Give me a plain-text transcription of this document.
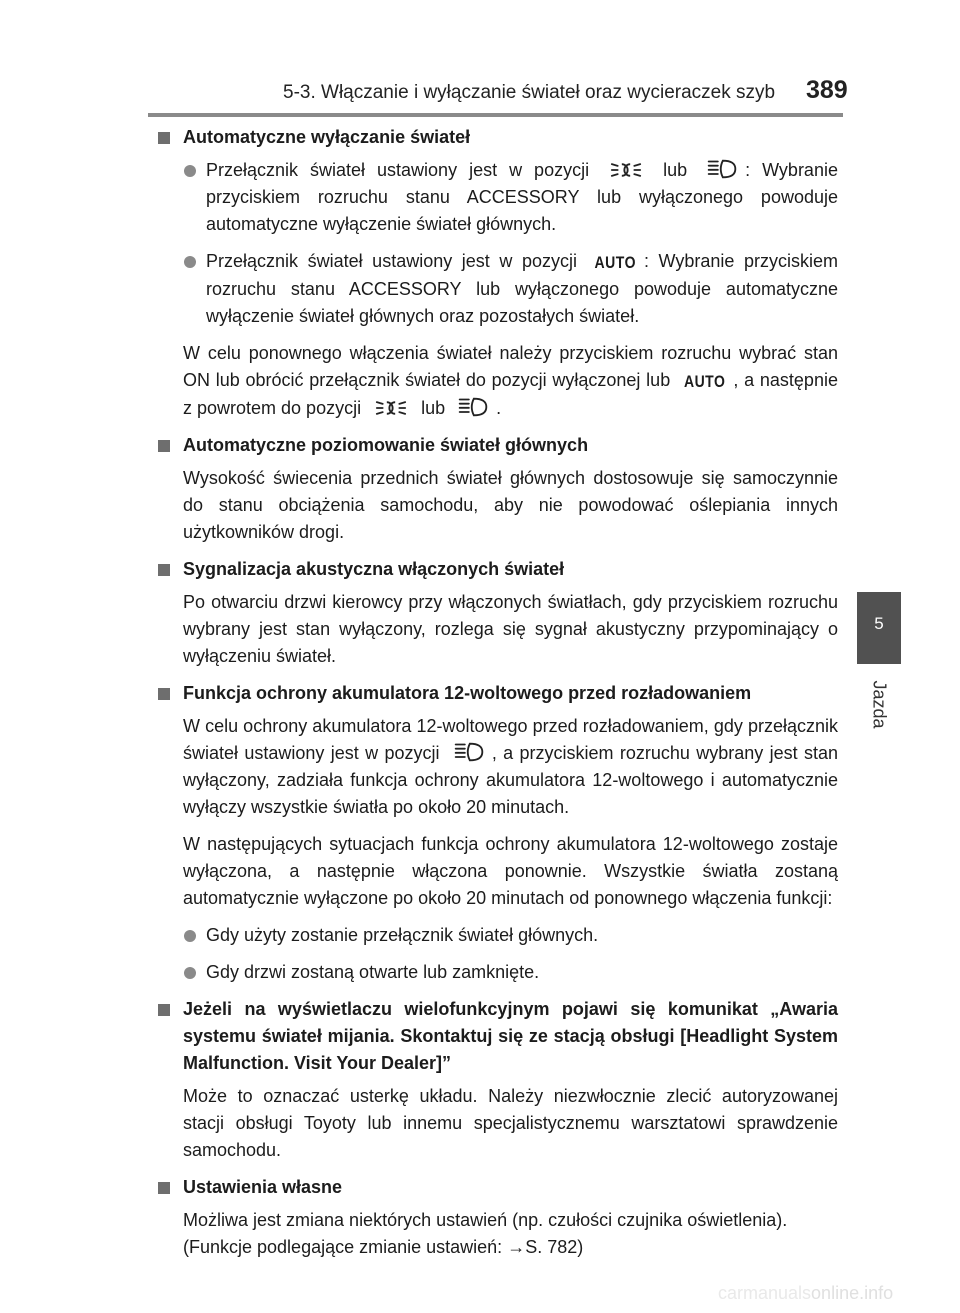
5-3. Włączanie i wyłączanie świateł oraz wycieraczek szyb 389
5
Jazda
Automatyczne wyłączanie świateł
Przełącznik świateł ustawiony jest w pozycji	lub	: Wybranie przyciskiem rozruchu stanu ACCESSORY lub wyłączonego powoduje automatyczne wyłączenie świateł głównych.
Przełącznik świateł ustawiony jest w pozycji AUTO : Wybranie przyciskiem rozruchu stanu ACCESSORY lub wyłączonego powoduje automatyczne wyłączenie świateł głównych oraz pozostałych świateł.
W celu ponownego włączenia świateł należy przyciskiem rozruchu wybrać stan ON lub obrócić przełącznik świateł do pozycji wyłączonej lub AUTO , a następnie z powrotem do pozycji	lub	.
Automatyczne poziomowanie świateł głównych
Wysokość świecenia przednich świateł głównych dostosowuje się samoczynnie do stanu obciążenia samochodu, aby nie powodować oślepiania innych użytkowników drogi.
Sygnalizacja akustyczna włączonych świateł
Po otwarciu drzwi kierowcy przy włączonych światłach, gdy przyciskiem rozruchu wybrany jest stan wyłączony, rozlega się sygnał akustyczny przypominający o wyłączeniu świateł.
Funkcja ochrony akumulatora 12-woltowego przed rozładowaniem
W celu ochrony akumulatora 12-woltowego przed rozładowaniem, gdy przełącznik świateł ustawiony jest w pozycji	, a przyciskiem rozruchu wybrany jest stan wyłączony, zadziała funkcja ochrony akumulatora 12-woltowego i automatycznie wyłączy wszystkie światła po około 20 minutach.
W następujących sytuacjach funkcja ochrony akumulatora 12-woltowego zostaje wyłączona, a następnie włączona ponownie. Wszystkie światła zostaną automatycznie wyłączone po około 20 minutach od ponownego włączenia funkcji:
Gdy użyty zostanie przełącznik świateł głównych.
Gdy drzwi zostaną otwarte lub zamknięte.
Jeżeli na wyświetlaczu wielofunkcyjnym pojawi się komunikat „Awaria systemu świateł mijania. Skontaktuj się ze stacją obsługi [Headlight System Malfunction. Visit Your Dealer]”
Może to oznaczać usterkę układu. Należy niezwłocznie zlecić autoryzowanej stacji obsługi Toyoty lub innemu specjalistycznemu warsztatowi sprawdzenie samochodu.
Ustawienia własne
Możliwa jest zmiana niektórych ustawień (np. czułości czujnika oświetlenia).
(Funkcje podlegające zmianie ustawień: →S. 782)
carmanualsonline.info
